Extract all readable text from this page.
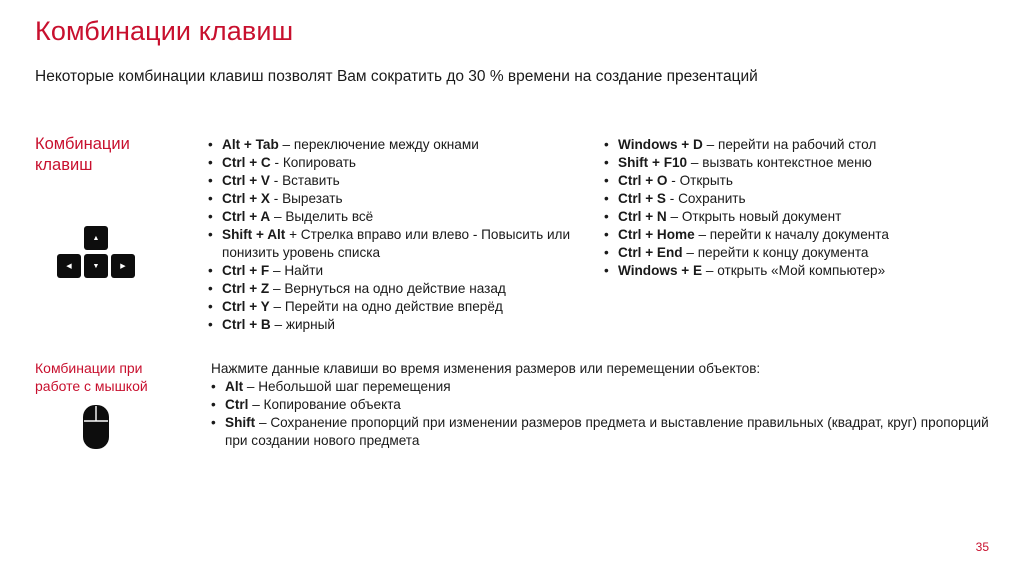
Комбинации клавиш

Некоторые комбинации клавиш позволят Вам сократить до 30 % времени на создание презентаций

Комбинации клавиш
▲
◀	▼	▶
• Alt + Tab – переключение между окнами
• Ctrl + C - Копировать
• Ctrl + V - Вставить
• Ctrl + X - Вырезать
• Ctrl + A – Выделить всё
• Shift + Alt + Стрелка вправо или влево - Повысить или понизить уровень списка
• Ctrl + F – Найти
• Ctrl + Z – Вернуться на одно действие назад
• Ctrl + Y – Перейти на одно действие вперёд
• Ctrl + B – жирный
• Windows + D – перейти на рабочий стол
• Shift + F10 – вызвать контекстное меню
• Ctrl + O - Открыть
• Ctrl + S - Сохранить
• Ctrl + N – Открыть новый документ
• Ctrl + Home – перейти к началу документа
• Ctrl + End – перейти к концу документа
• Windows + E – открыть «Мой компьютер»
Комбинации при работе с мышкой

Нажмите данные клавиши во время изменения размеров или перемещении объектов:

• Alt – Небольшой шаг перемещения
• Ctrl – Копирование объекта
• Shift – Сохранение пропорций при изменении размеров предмета и выставление правильных (квадрат, круг) пропорций при создании нового предмета
35
